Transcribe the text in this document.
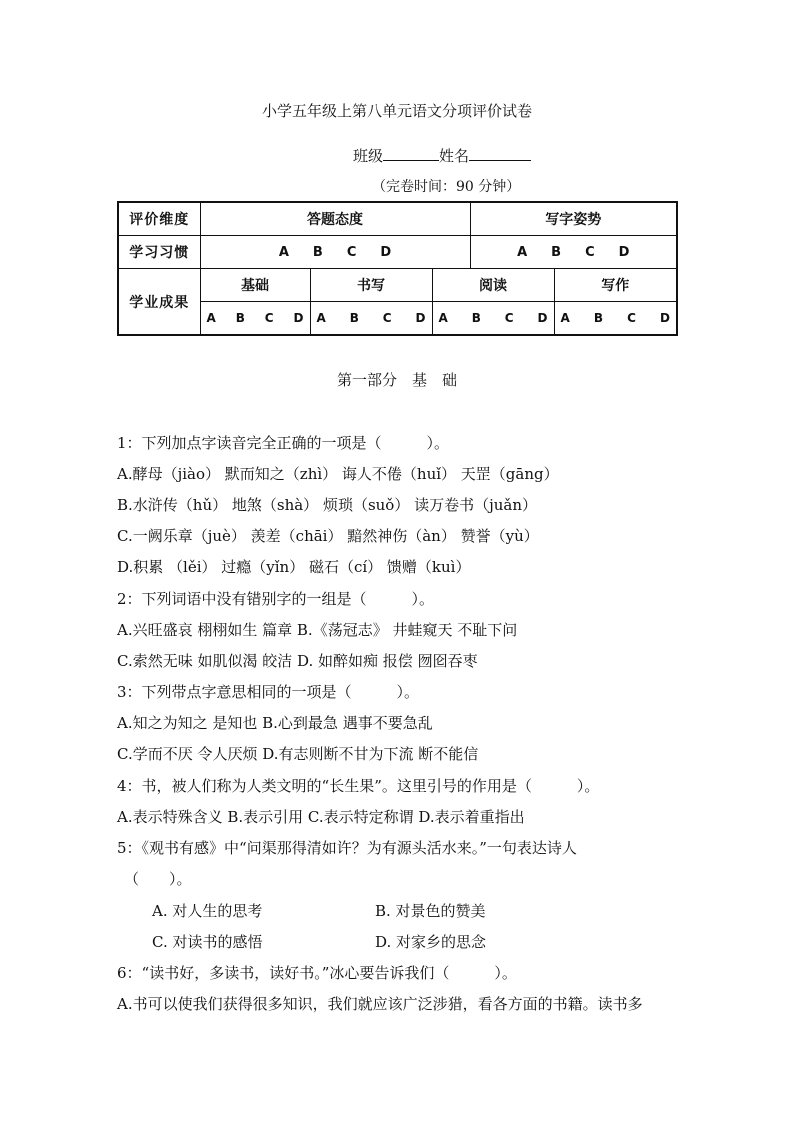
小学五年级上第八单元语文分项评价试卷
班级	姓名
（完卷时间：90 分钟）
评价维度	答题态度			写字姿势	
学习习惯	A B C D			A B C D	
学业成果	基础	书写	阅读		写作

	A B C D	A B C D	A B C D		A B C D
第一部分　基　础
1：下列加点字读音完全正确的一项是（　　　）。
A.酵母（jiào） 默而知之（zhì） 诲人不倦（huǐ） 天罡（gāng）
B.水浒传（hǔ） 地煞（shà） 烦琐（suǒ） 读万卷书（juǎn）
C.一阙乐章（juè） 羡差（chāi） 黯然神伤（àn） 赞誉（yù）
D.积累 （lěi） 过瘾（yǐn） 磁石（cí） 馈赠（kuì）
2：下列词语中没有错别字的一组是（　　　）。
A.兴旺盛哀 栩栩如生 篇章 B.《荡冠志》 井蛙窥天 不耻下问
C.索然无味 如肌似渴 皎洁 D. 如醉如痴 报偿 囫囵吞枣
3：下列带点字意思相同的一项是（　　　）。
A.知之为知之 是知也 B.心到最急 遇事不要急乱
C.学而不厌 令人厌烦 D.有志则断不甘为下流 断不能信
4：书，被人们称为人类文明的“长生果”。这里引号的作用是（　　　）。
A.表示特殊含义 B.表示引用 C.表示特定称谓 D.表示着重指出
5：《观书有感》中“问渠那得清如许？为有源头活水来。”一句表达诗人
（　　）。
A. 对人生的思考	B. 对景色的赞美
C. 对读书的感悟	D. 对家乡的思念
6：“读书好，多读书，读好书。”冰心要告诉我们（　　　）。
A.书可以使我们获得很多知识，我们就应该广泛涉猎，看各方面的书籍。读书多
